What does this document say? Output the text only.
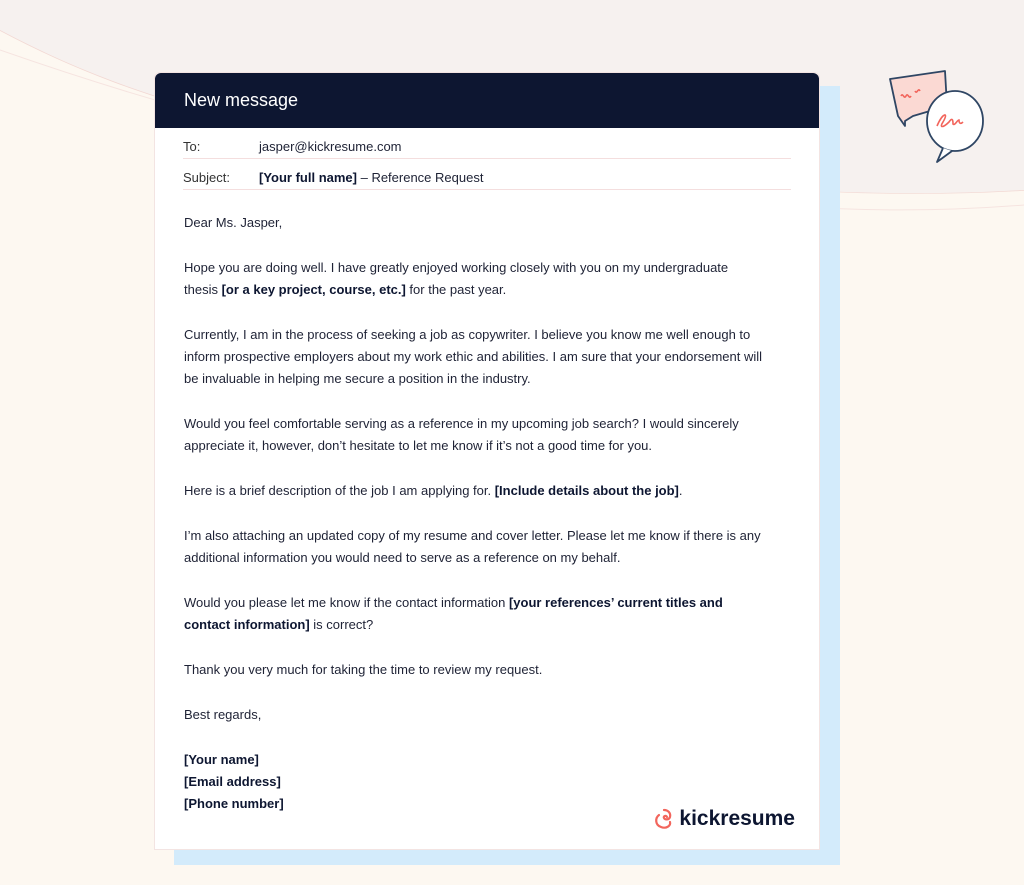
New message
To:	jasper@kickresume.com
Subject:	[Your full name] – Reference Request

Dear Ms. Jasper,

Hope you are doing well. I have greatly enjoyed working closely with you on my undergraduate thesis [or a key project, course, etc.] for the past year.

Currently, I am in the process of seeking a job as copywriter. I believe you know me well enough to inform prospective employers about my work ethic and abilities. I am sure that your endorsement will be invaluable in helping me secure a position in the industry.

Would you feel comfortable serving as a reference in my upcoming job search? I would sincerely appreciate it, however, don’t hesitate to let me know if it’s not a good time for you.

Here is a brief description of the job I am applying for. [Include details about the job].

I’m also attaching an updated copy of my resume and cover letter. Please let me know if there is any additional information you would need to serve as a reference on my behalf.

Would you please let me know if the contact information [your references’ current titles and contact information] is correct?

Thank you very much for taking the time to review my request.

Best regards,

[Your name]
[Email address]
[Phone number]
kickresume
